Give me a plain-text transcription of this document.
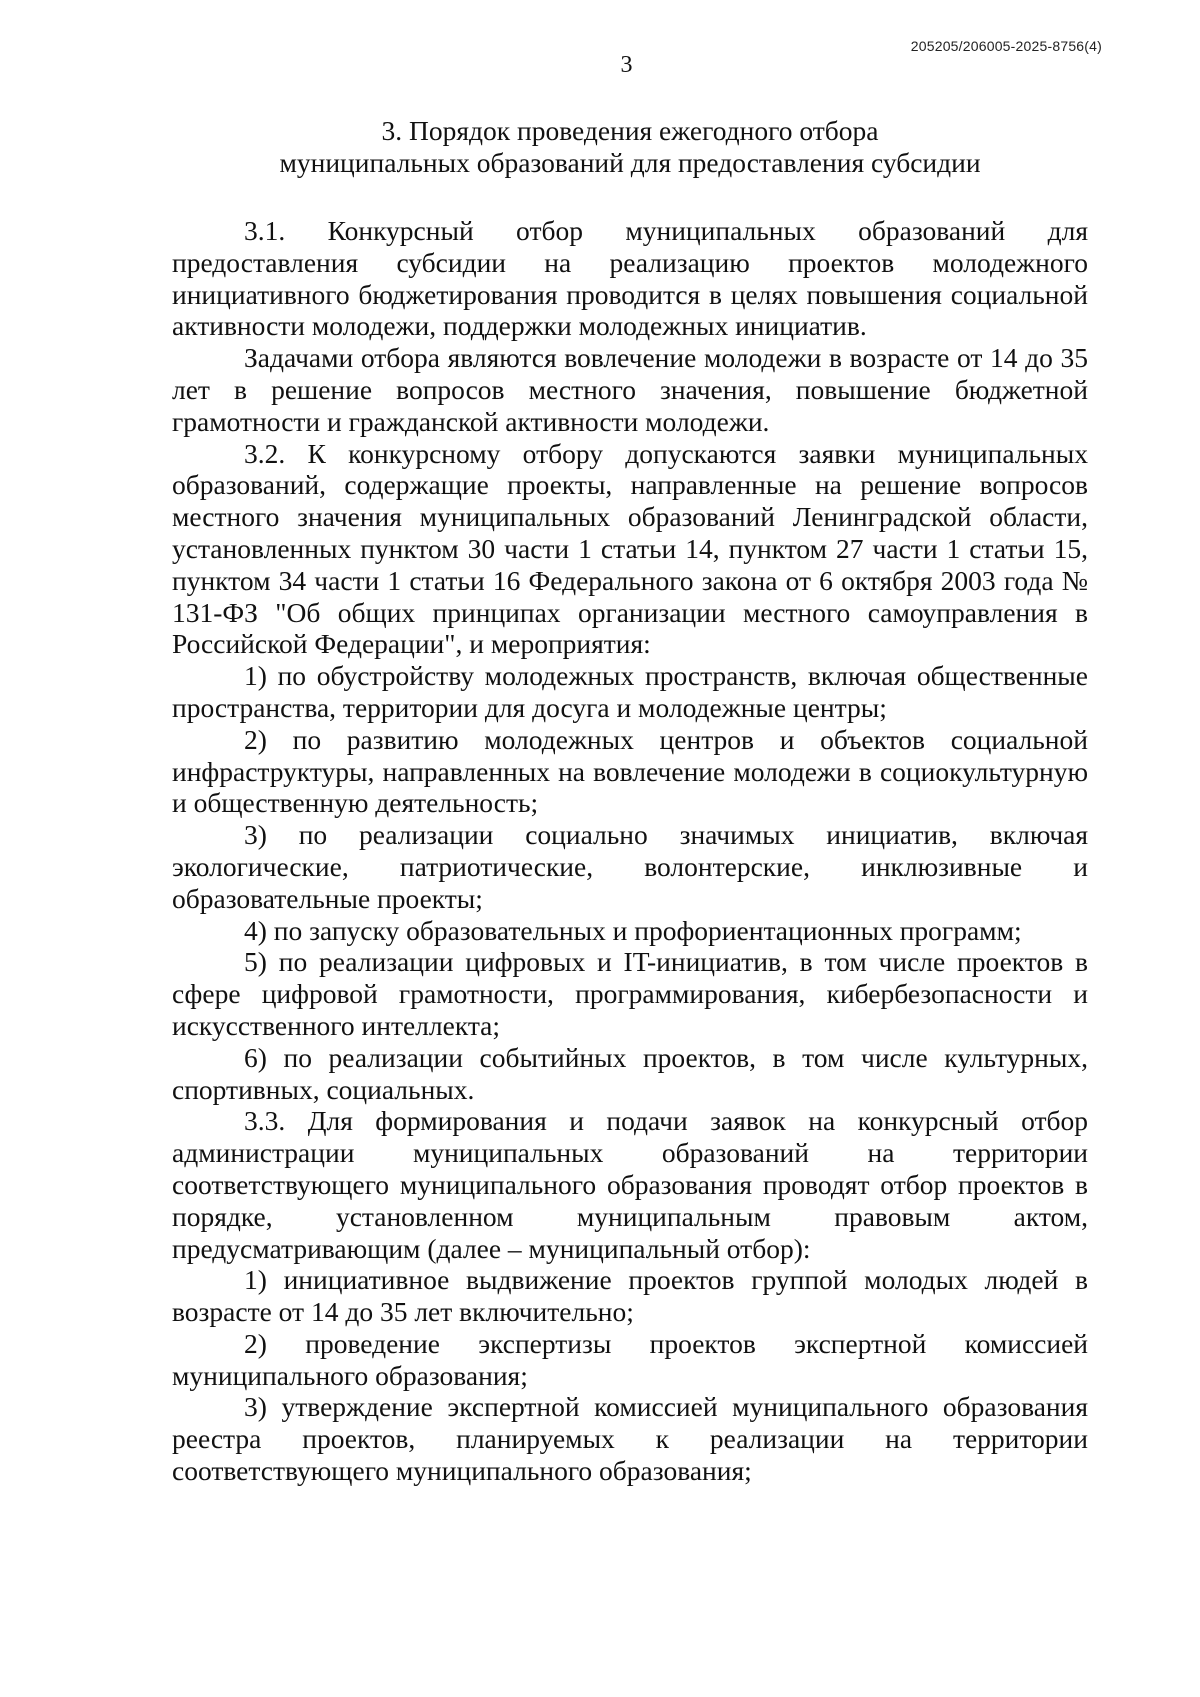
205205/206005-2025-8756(4)
3
3. Порядок проведения ежегодного отбора
муниципальных образований для предоставления субсидии

3.1. Конкурсный отбор муниципальных образований для предоставления субсидии на реализацию проектов молодежного инициативного бюджетирования проводится в целях повышения социальной активности молодежи, поддержки молодежных инициатив.

Задачами отбора являются вовлечение молодежи в возрасте от 14 до 35 лет в решение вопросов местного значения, повышение бюджетной грамотности и гражданской активности молодежи.

3.2. К конкурсному отбору допускаются заявки муниципальных образований, содержащие проекты, направленные на решение вопросов местного значения муниципальных образований Ленинградской области, установленных пунктом 30 части 1 статьи 14, пунктом 27 части 1 статьи 15, пунктом 34 части 1 статьи 16 Федерального закона от 6 октября 2003 года № 131-ФЗ "Об общих принципах организации местного самоуправления в Российской Федерации", и мероприятия:

1) по обустройству молодежных пространств, включая общественные пространства, территории для досуга и молодежные центры;

2) по развитию молодежных центров и объектов социальной инфраструктуры, направленных на вовлечение молодежи в социокультурную и общественную деятельность;

3) по реализации социально значимых инициатив, включая экологические, патриотические, волонтерские, инклюзивные и образовательные проекты;

4) по запуску образовательных и профориентационных программ;

5) по реализации цифровых и IT-инициатив, в том числе проектов в сфере цифровой грамотности, программирования, кибербезопасности и искусственного интеллекта;

6) по реализации событийных проектов, в том числе культурных, спортивных, социальных.

3.3. Для формирования и подачи заявок на конкурсный отбор администрации муниципальных образований на территории соответствующего муниципального образования проводят отбор проектов в порядке, установленном муниципальным правовым актом, предусматривающим (далее – муниципальный отбор):

1) инициативное выдвижение проектов группой молодых людей в возрасте от 14 до 35 лет включительно;

2) проведение экспертизы проектов экспертной комиссией муниципального образования;

3) утверждение экспертной комиссией муниципального образования реестра проектов, планируемых к реализации на территории соответствующего муниципального образования;
